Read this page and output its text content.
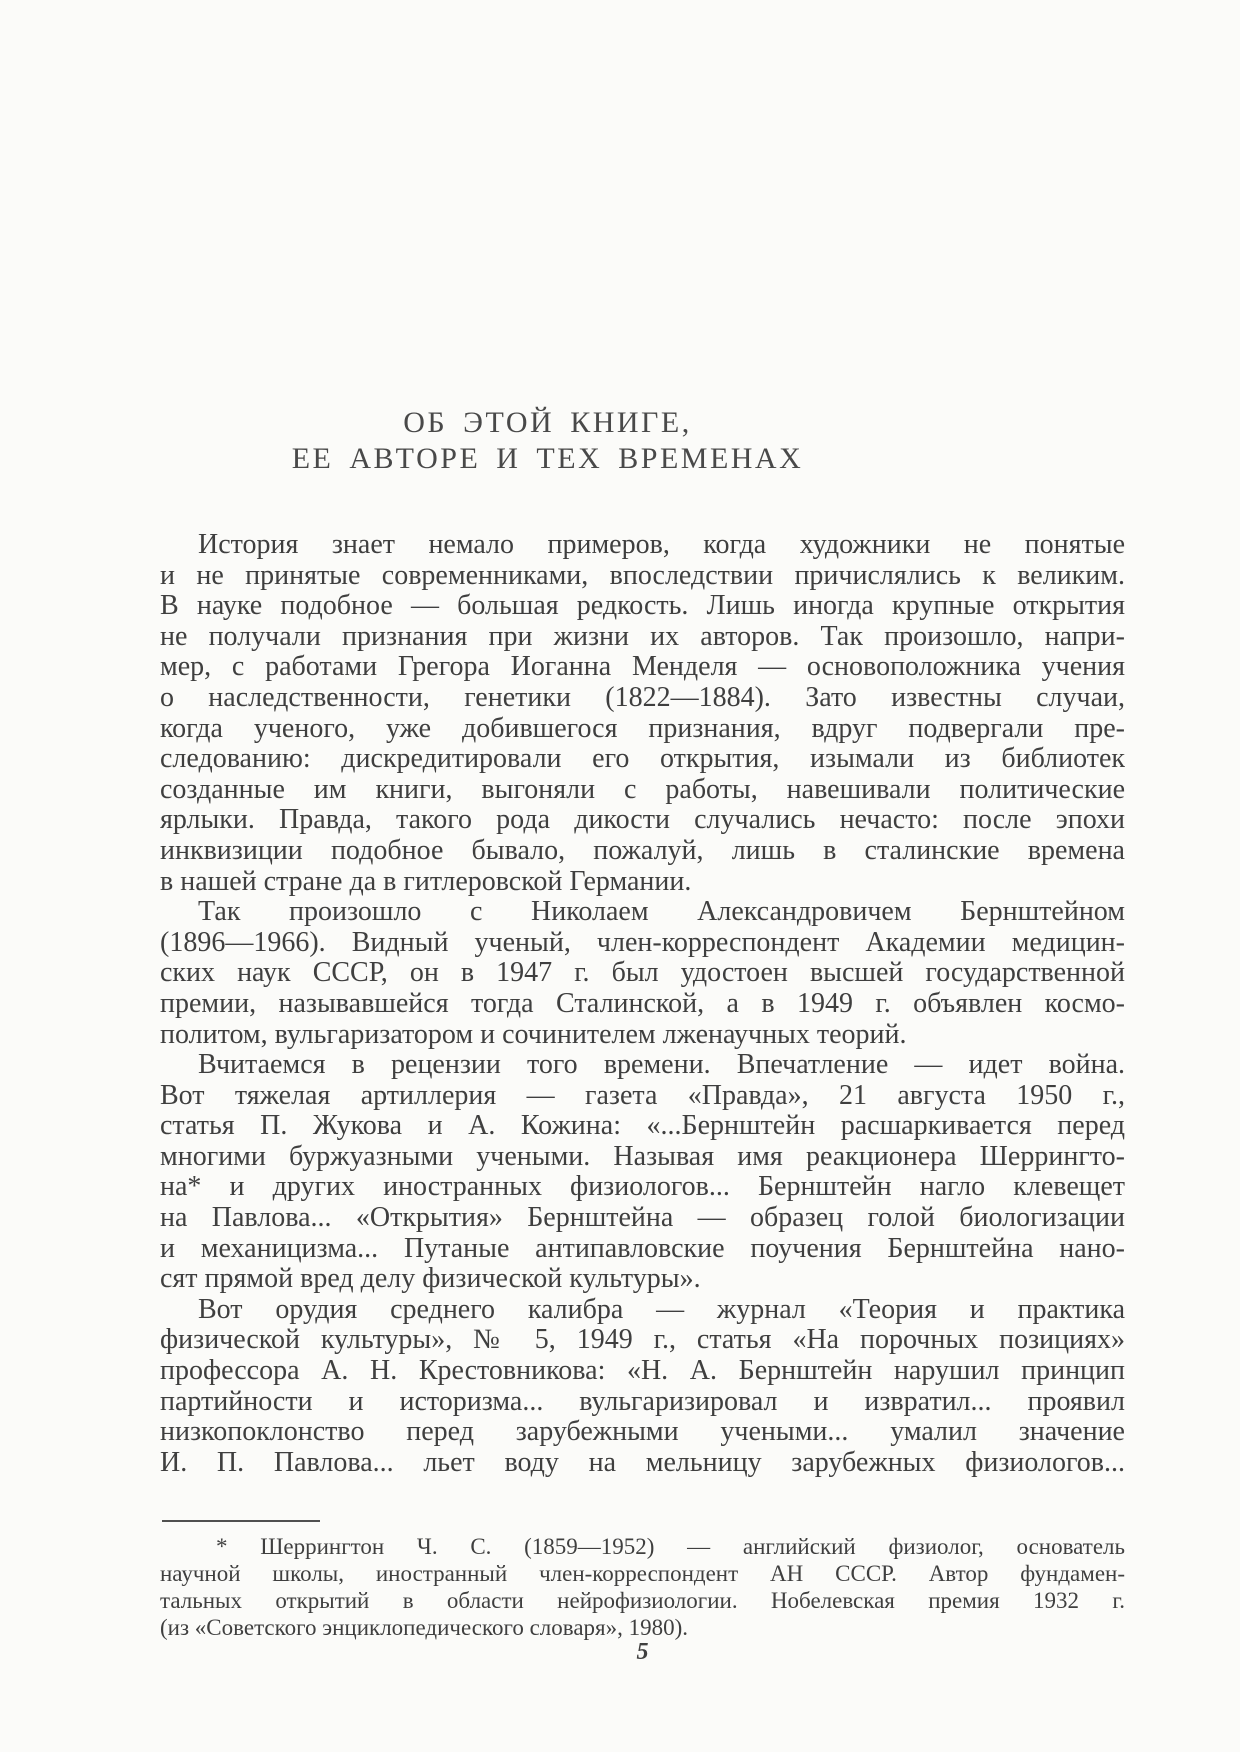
ОБ ЭТОЙ КНИГЕ,
ЕЕ АВТОРЕ И ТЕХ ВРЕМЕНАХ
История знает немало примеров, когда художники не понятые
и не принятые современниками, впоследствии причислялись к великим.
В науке подобное — большая редкость. Лишь иногда крупные открытия
не получали признания при жизни их авторов. Так произошло, напри-
мер, с работами Грегора Иоганна Менделя — основоположника учения
о наследственности, генетики (1822—1884). Зато известны случаи,
когда ученого, уже добившегося признания, вдруг подвергали пре-
следованию: дискредитировали его открытия, изымали из библиотек
созданные им книги, выгоняли с работы, навешивали политические
ярлыки. Правда, такого рода дикости случались нечасто: после эпохи
инквизиции подобное бывало, пожалуй, лишь в сталинские времена
в нашей стране да в гитлеровской Германии.
Так произошло с Николаем Александровичем Бернштейном
(1896—1966). Видный ученый, член-корреспондент Академии медицин-
ских наук СССР, он в 1947 г. был удостоен высшей государственной
премии, называвшейся тогда Сталинской, а в 1949 г. объявлен космо-
политом, вульгаризатором и сочинителем лженаучных теорий.
Вчитаемся в рецензии того времени. Впечатление — идет война.
Вот тяжелая артиллерия — газета «Правда», 21 августа 1950 г.,
статья П. Жукова и А. Кожина: «...Бернштейн расшаркивается перед
многими буржуазными учеными. Называя имя реакционера Шеррингто-
на* и других иностранных физиологов... Бернштейн нагло клевещет
на Павлова... «Открытия» Бернштейна — образец голой биологизации
и механицизма... Путаные антипавловские поучения Бернштейна нано-
сят прямой вред делу физической культуры».
Вот орудия среднего калибра — журнал «Теория и практика
физической культуры», № 5, 1949 г., статья «На порочных позициях»
профессора А. Н. Крестовникова: «Н. А. Бернштейн нарушил принцип
партийности и историзма... вульгаризировал и извратил... проявил
низкопоклонство перед зарубежными учеными... умалил значение
И. П. Павлова... льет воду на мельницу зарубежных физиологов...
* Шеррингтон Ч. С. (1859—1952) — английский физиолог, основатель
научной школы, иностранный член-корреспондент АН СССР. Автор фундамен-
тальных открытий в области нейрофизиологии. Нобелевская премия 1932 г.
(из «Советского энциклопедического словаря», 1980).
5
